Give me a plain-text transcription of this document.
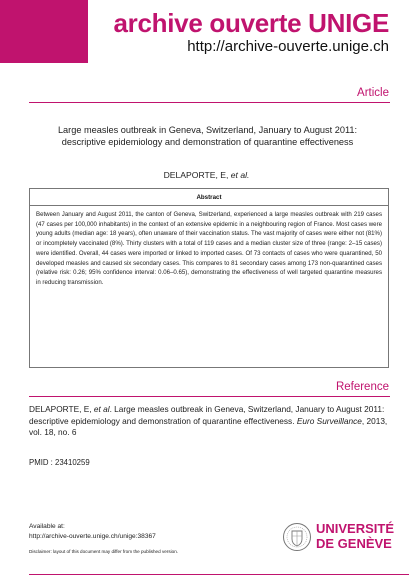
archive ouverte UNIGE
http://archive-ouverte.unige.ch
Article
Large measles outbreak in Geneva, Switzerland, January to August 2011: descriptive epidemiology and demonstration of quarantine effectiveness
DELAPORTE, E, et al.
Abstract
Between January and August 2011, the canton of Geneva, Switzerland, experienced a large measles outbreak with 219 cases (47 cases per 100,000 inhabitants) in the context of an extensive epidemic in a neighbouring region of France. Most cases were young adults (median age: 18 years), often unaware of their vaccination status. The vast majority of cases were either not (81%) or incompletely vaccinated (8%). Thirty clusters with a total of 119 cases and a median cluster size of three (range: 2–15 cases) were identified. Overall, 44 cases were imported or linked to imported cases. Of 73 contacts of cases who were quarantined, 50 developed measles and caused six secondary cases. This compares to 81 secondary cases among 173 non-quarantined cases (relative risk: 0.26; 95% confidence interval: 0.06–0.65), demonstrating the effectiveness of well targeted quarantine measures in reducing transmission.
Reference
DELAPORTE, E, et al. Large measles outbreak in Geneva, Switzerland, January to August 2011: descriptive epidemiology and demonstration of quarantine effectiveness. Euro Surveillance, 2013, vol. 18, no. 6
PMID : 23410259
Available at:
http://archive-ouverte.unige.ch/unige:38367
Disclaimer: layout of this document may differ from the published version.
UNIVERSITÉ
DE GENÈVE
